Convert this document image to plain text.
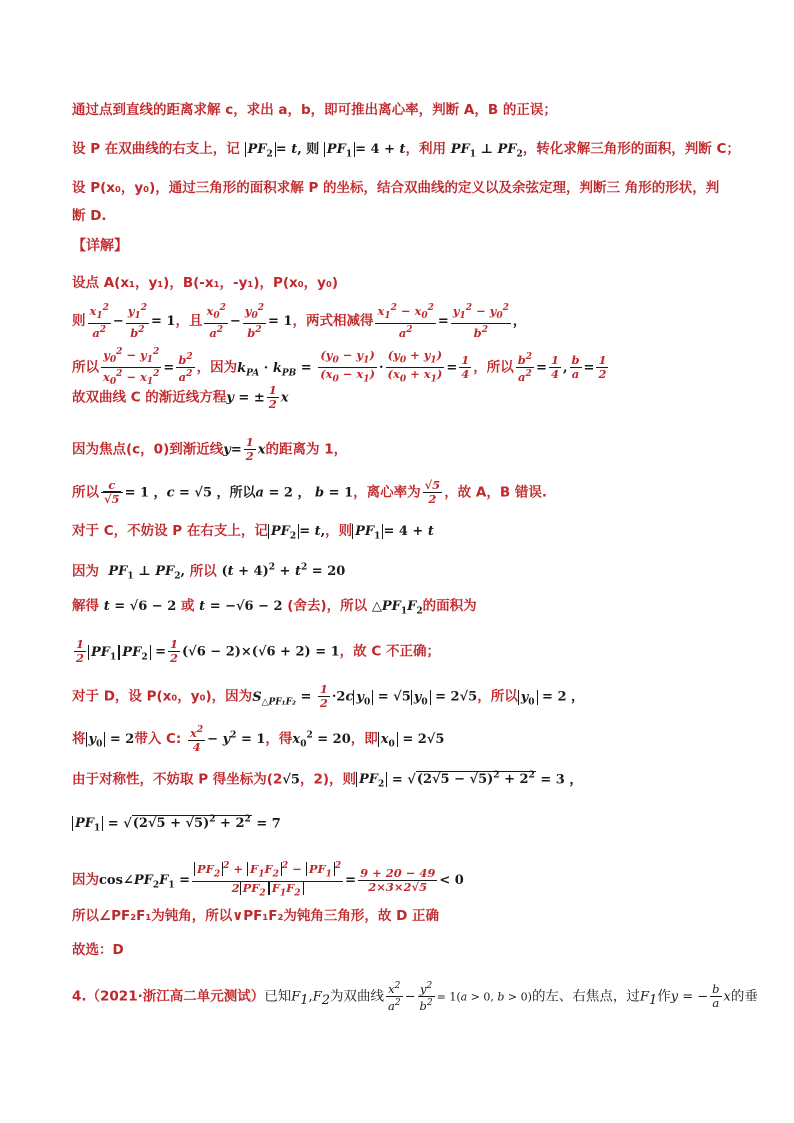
通过点到直线的距离求解 c，求出 a，b，即可推出离心率，判断 A，B 的正误；
设 P 在双曲线的右支上，记 $PF_2 = t$, 则 $PF_1 = 4 + t$，利用 $PF_1$ ⊥ $PF_2$，转化求解三角形的面积，判断 C；
设 P(x₀，y₀)，通过三角形的面积求解 P 的坐标，结合双曲线的定义以及余弦定理，判断三 角形的形状，判
断 D.
【详解】
设点 A(x₁，y₁)，B(-x₁，-y₁)，P(x₀，y₀)
则 $\frac{x_1^2}{a^2} - \frac{y_1^2}{b^2} = 1$，且 $\frac{x_0^2}{a^2} - \frac{y_0^2}{b^2} = 1$，两式相减得 $\frac{x_1^2 - x_0^2}{a^2} = \frac{y_1^2 - y_0^2}{b^2}$ ，
所以 $\frac{y_0^2 - y_1^2}{x_0^2 - x_1^2} = \frac{b^2}{a^2}$ ，因为$k_{PA} \cdot k_{PB} = \frac{(y_0 - y_1)}{(x_0 - x_1)} \cdot \frac{(y_0 + y_1)}{(x_0 + x_1)} = \frac{1}{4}$ ，所以 $\frac{b^2}{a^2} = \frac{1}{4}$ , $\frac{b}{a} = \frac{1}{2}$
故双曲线 C 的渐近线方程y = ± $\frac{1}{2}$ x
因为焦点(c，0)到渐近线$y= \frac{1}{2}$ x的距离为 1，
所以 $\frac{c}{√5} = 1$ ，c = √5 ，所以a = 2 ， b = 1，离心率为 $\frac{√5}{2}$ ，故 A，B 错误.
对于 C，不妨设 P 在右支上，记 $PF_2 = t$,，则 $PF_1 = 4 + t$
因为 $PF_1$ ⊥ $PF_2$, 所以 $(t + 4)^2 + t^2 = 20$
解得 t = √6 − 2 或 t = −√6 − 2 (舍去)，所以 $\triangle PF_1F_2$的面积为
$\frac{1}{2} PF_1$ $PF_2 = \frac{1}{2} (√6 - 2)\times(√6 + 2) = 1$，故 C 不正确；
对于 D，设 P(x₀，y₀)，因为$S_{\triangle PF_1F_2} = \frac{1}{2} \cdot 2c$ $y_0 = √5$ $y_0 = 2√5$，所以 $y_0 = 2$ ，
将 $y_0 = 2$带入 C: $\frac{x^2}{4} - y^2 = 1$，得$x_0^2 = 20$，即 $x_0 = 2√5$
由于对称性，不妨取 P 得坐标为(2√5，2)，则 $PF_2 = √(2√5 - √5)^2 + 2^2 = 3$ ，
$PF_1 = √(2√5 + √5)^2 + 2^2 = 7$
因为$\cos\angle PF_2F_1 = \frac{PF_2^2 + F_1F_2^2 - PF_1^2}{2 PF_2 F_1F_2} = \frac{9 + 20 - 49}{2\times 3\times 2√5} < 0$
所以∠PF₂F₁为钝角，所以∨PF₁F₂为钝角三角形，故 D 正确
故选：D
4.（2021·浙江高二单元测试）已知$F_1,F_2$为双曲线 $\frac{x^2}{a^2} - \frac{y^2}{b^2} = 1(a > 0$, b > 0)的左、右焦点，过$F_1$作y = − $\frac{b}{a}$ x的垂
